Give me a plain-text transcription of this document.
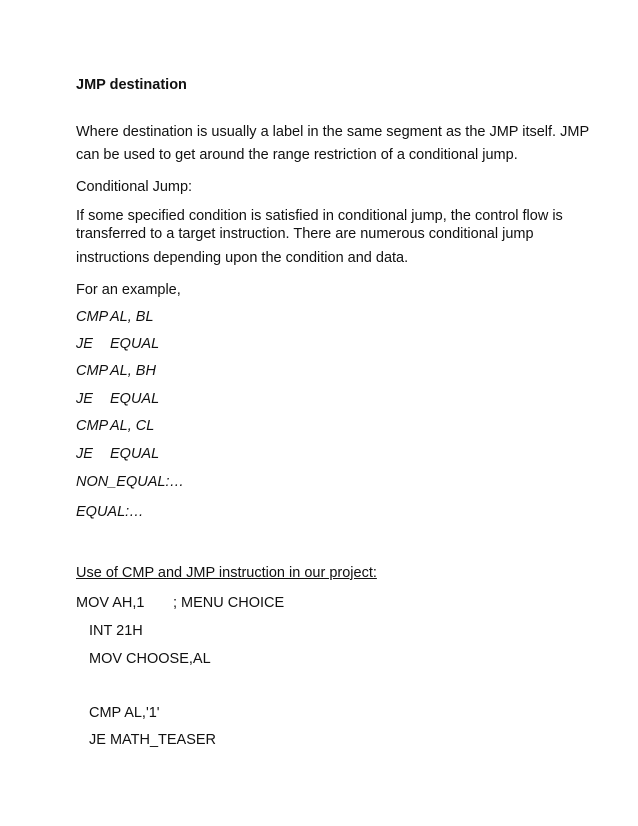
JMP destination
Where destination is usually a label in the same segment as the JMP itself. JMP
can be used to get around the range restriction of a conditional jump.
Conditional Jump:
If some specified condition is satisfied in conditional jump, the control flow is
transferred to a target instruction. There are numerous conditional jump
instructions depending upon the condition and data.
For an example,
CMP AL, BL
JE EQUAL
CMP AL, BH
JE EQUAL
CMP AL, CL
JE EQUAL
NON_EQUAL:…
EQUAL:…
Use of CMP and JMP instruction in our project:
MOV AH,1 ; MENU CHOICE
INT 21H
MOV CHOOSE,AL
CMP AL,'1'
JE MATH_TEASER
